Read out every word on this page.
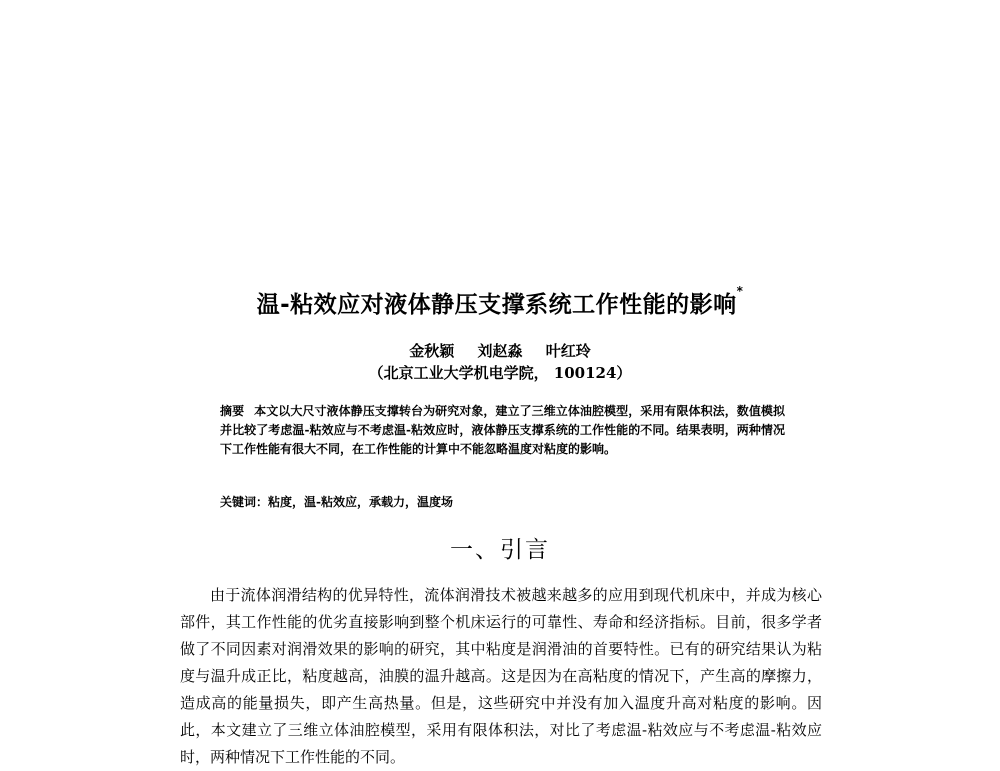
温-粘效应对液体静压支撑系统工作性能的影响*
金秋颖 刘赵淼 叶红玲
（北京工业大学机电学院， 100124）
摘要 本文以大尺寸液体静压支撑转台为研究对象，建立了三维立体油腔模型，采用有限体积法，数值模拟并比较了考虑温-粘效应与不考虑温-粘效应时，液体静压支撑系统的工作性能的不同。结果表明，两种情况下工作性能有很大不同，在工作性能的计算中不能忽略温度对粘度的影响。
关键词：粘度，温-粘效应，承载力，温度场
一、引言
由于流体润滑结构的优异特性，流体润滑技术被越来越多的应用到现代机床中，并成为核心部件，其工作性能的优劣直接影响到整个机床运行的可靠性、寿命和经济指标。目前，很多学者做了不同因素对润滑效果的影响的研究，其中粘度是润滑油的首要特性。已有的研究结果认为粘度与温升成正比，粘度越高，油膜的温升越高。这是因为在高粘度的情况下，产生高的摩擦力，造成高的能量损失，即产生高热量。但是，这些研究中并没有加入温度升高对粘度的影响。因此，本文建立了三维立体油腔模型，采用有限体积法，对比了考虑温-粘效应与不考虑温-粘效应时，两种情况下工作性能的不同。
